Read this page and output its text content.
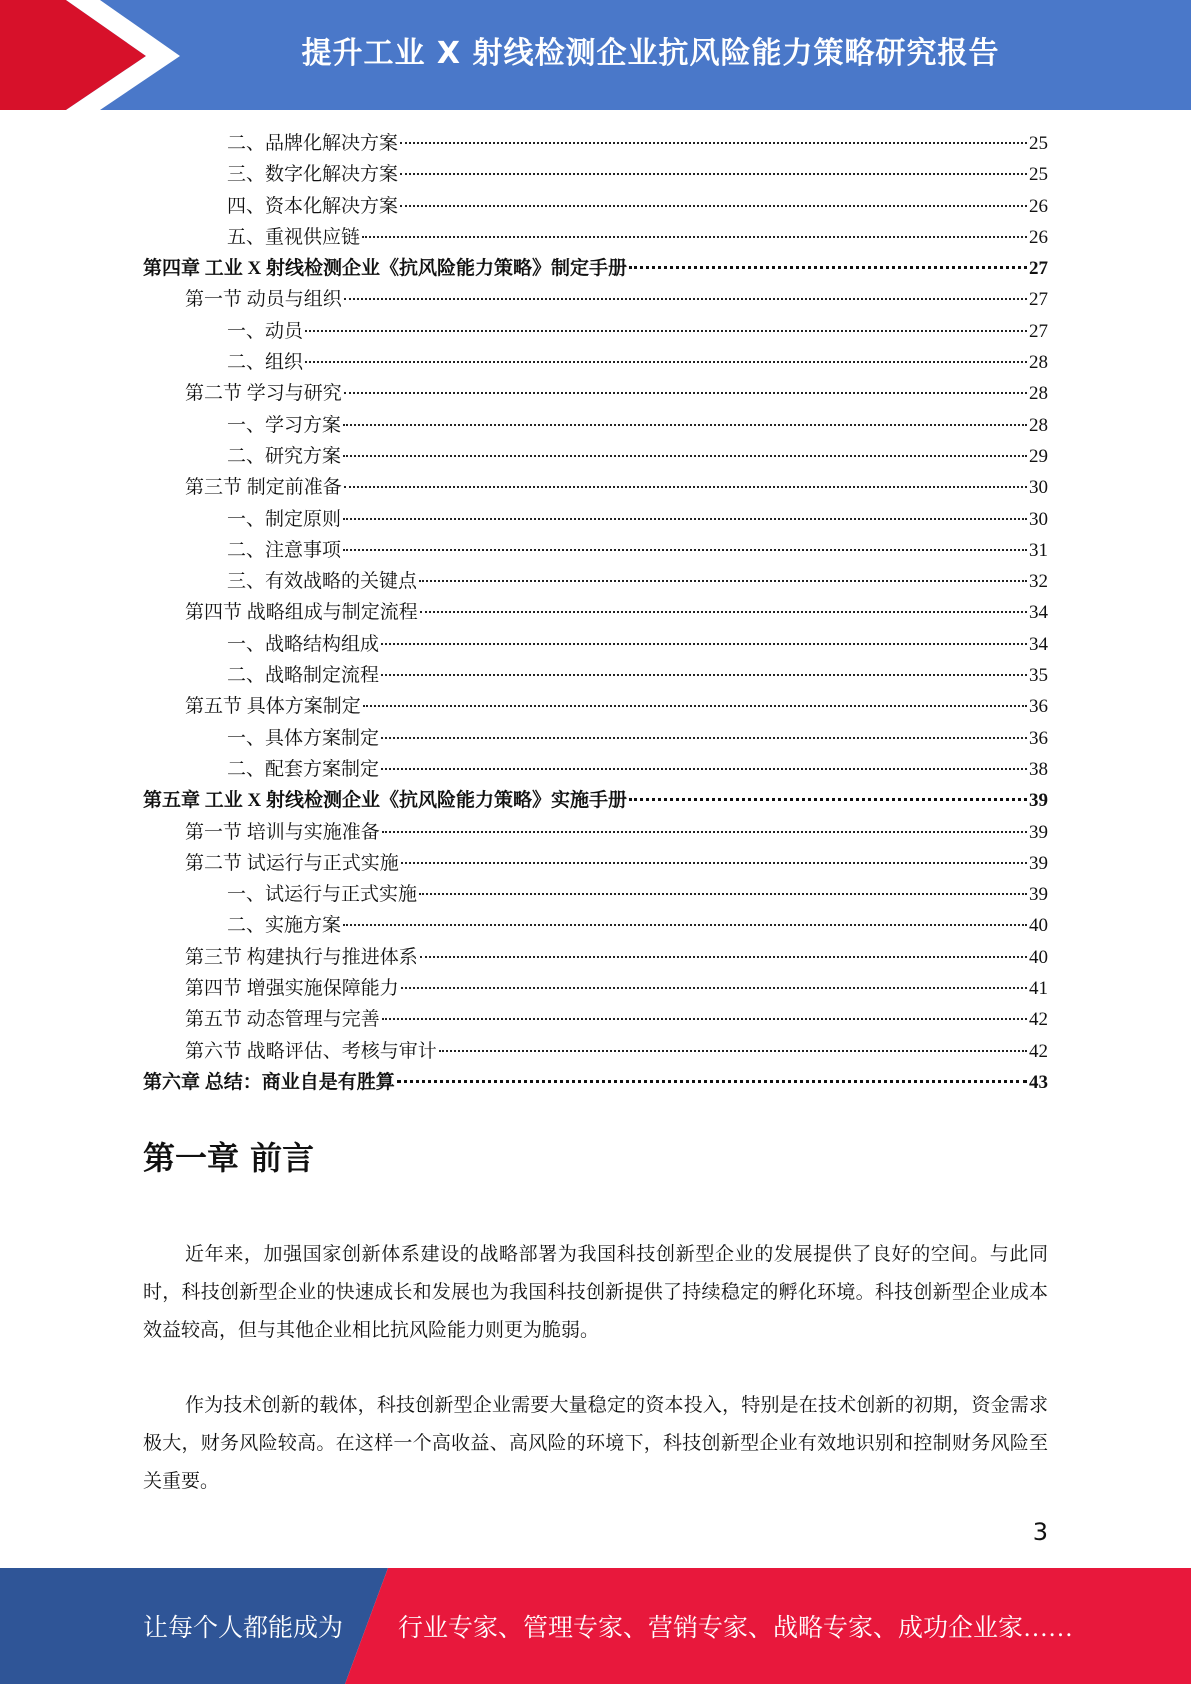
提升工业 X 射线检测企业抗风险能力策略研究报告
二、品牌化解决方案	25
三、数字化解决方案	25
四、资本化解决方案	26
五、重视供应链	26
第四章 工业 X 射线检测企业《抗风险能力策略》制定手册	27
第一节 动员与组织	27
一、动员	27
二、组织	28
第二节 学习与研究	28
一、学习方案	28
二、研究方案	29
第三节 制定前准备	30
一、制定原则	30
二、注意事项	31
三、有效战略的关键点	32
第四节 战略组成与制定流程	34
一、战略结构组成	34
二、战略制定流程	35
第五节 具体方案制定	36
一、具体方案制定	36
二、配套方案制定	38
第五章 工业 X 射线检测企业《抗风险能力策略》实施手册	39
第一节 培训与实施准备	39
第二节 试运行与正式实施	39
一、试运行与正式实施	39
二、实施方案	40
第三节 构建执行与推进体系	40
第四节 增强实施保障能力	41
第五节 动态管理与完善	42
第六节 战略评估、考核与审计	42
第六章 总结：商业自是有胜算	43
第一章 前言
近年来，加强国家创新体系建设的战略部署为我国科技创新型企业的发展提供了良好的空间。与此同时，科技创新型企业的快速成长和发展也为我国科技创新提供了持续稳定的孵化环境。科技创新型企业成本效益较高，但与其他企业相比抗风险能力则更为脆弱。
作为技术创新的载体，科技创新型企业需要大量稳定的资本投入，特别是在技术创新的初期，资金需求极大，财务风险较高。在这样一个高收益、高风险的环境下，科技创新型企业有效地识别和控制财务风险至关重要。
3
让每个人都能成为 行业专家、管理专家、营销专家、战略专家、成功企业家……
